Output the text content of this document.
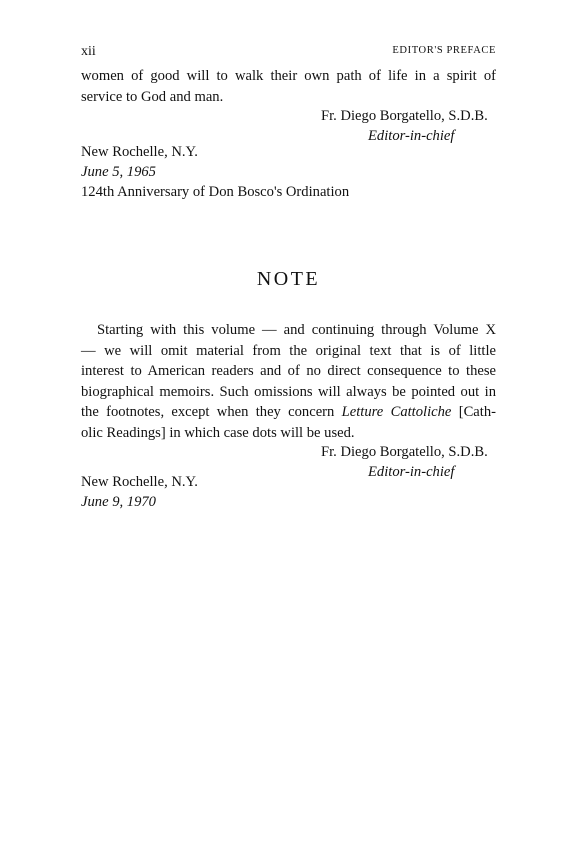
xii	EDITOR'S PREFACE

women of good will to walk their own path of life in a spirit of
service to God and man.

Fr. Diego Borgatello, S.D.B.
Editor-in-chief
New Rochelle, N.Y.
June 5, 1965
124th Anniversary of Don Bosco's Ordination
NOTE

Starting with this volume — and continuing through Volume X
— we will omit material from the original text that is of little
interest to American readers and of no direct consequence to these
biographical memoirs. Such omissions will always be pointed out in
the footnotes, except when they concern Letture Cattoliche [Cath-
olic Readings] in which case dots will be used.

Fr. Diego Borgatello, S.D.B.
Editor-in-chief
New Rochelle, N.Y.
June 9, 1970
